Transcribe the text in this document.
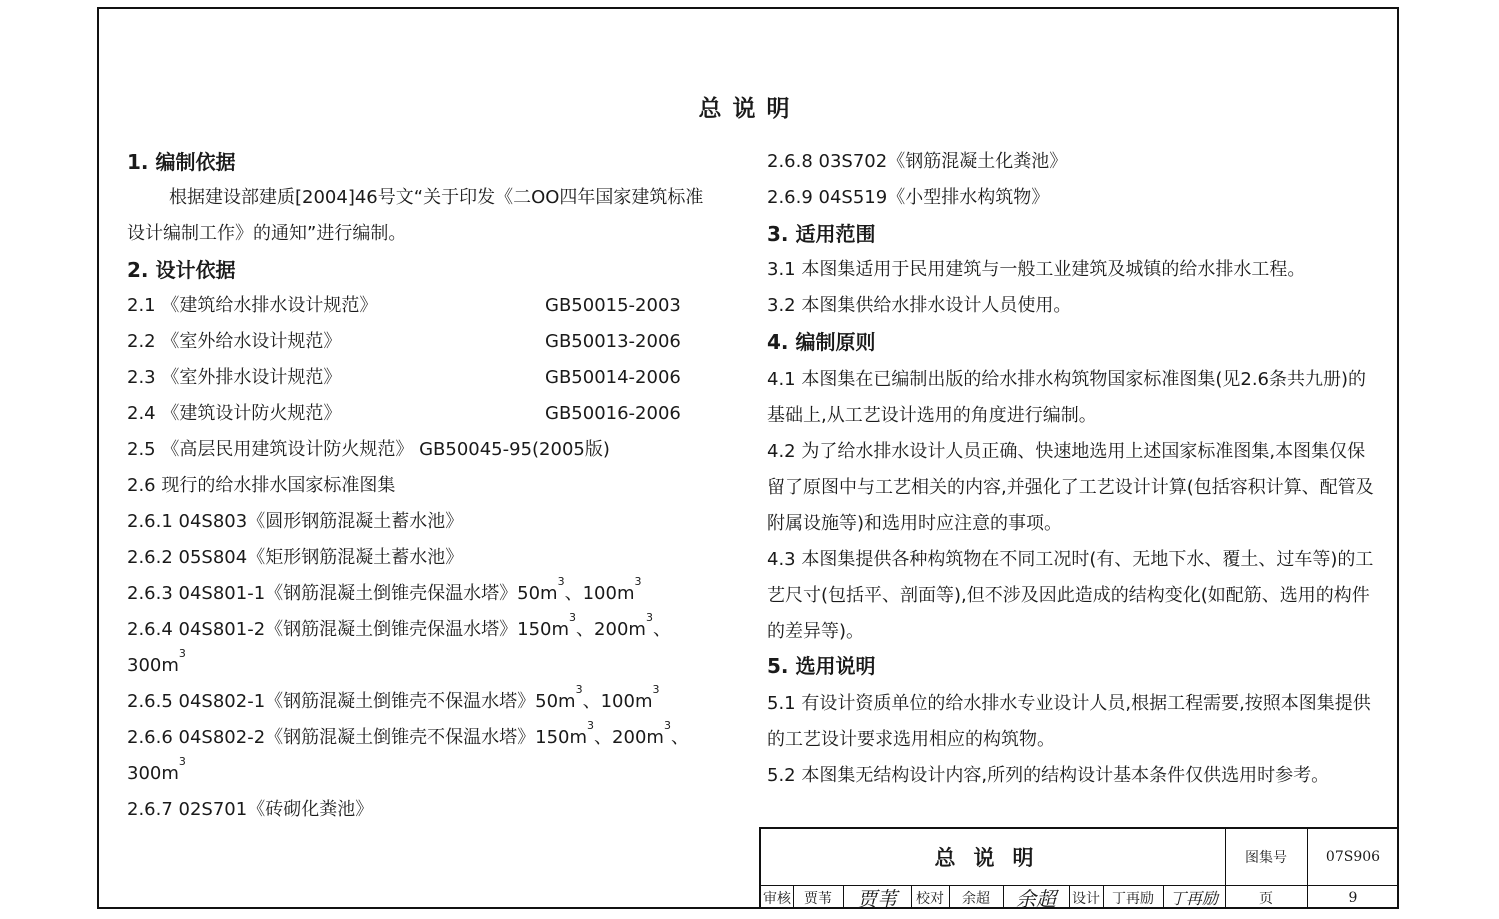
总说明
1. 编制依据
根据建设部建质[2004]46号文“关于印发《二OO四年国家建筑标准
设计编制工作》的通知”进行编制。
2. 设计依据
2.1 《建筑给水排水设计规范》	GB50015-2003
2.2 《室外给水设计规范》	GB50013-2006
2.3 《室外排水设计规范》	GB50014-2006
2.4 《建筑设计防火规范》	GB50016-2006
2.5 《高层民用建筑设计防火规范》 GB50045-95(2005版)
2.6 现行的给水排水国家标准图集
2.6.1 04S803《圆形钢筋混凝土蓄水池》
2.6.2 05S804《矩形钢筋混凝土蓄水池》
2.6.3 04S801-1《钢筋混凝土倒锥壳保温水塔》$50m^3$、$100m^3$
2.6.4 04S801-2《钢筋混凝土倒锥壳保温水塔》$150m^3$、$200m^3$、
$300m^3$
2.6.5 04S802-1《钢筋混凝土倒锥壳不保温水塔》$50m^3$、$100m^3$
2.6.6 04S802-2《钢筋混凝土倒锥壳不保温水塔》$150m^3$、$200m^3$、
$300m^3$
2.6.7 02S701《砖砌化粪池》
2.6.8 03S702《钢筋混凝土化粪池》
2.6.9 04S519《小型排水构筑物》
3. 适用范围
3.1 本图集适用于民用建筑与一般工业建筑及城镇的给水排水工程。
3.2 本图集供给水排水设计人员使用。
4. 编制原则
4.1 本图集在已编制出版的给水排水构筑物国家标准图集(见2.6条共九册)的基础上,从工艺设计选用的角度进行编制。
4.2 为了给水排水设计人员正确、快速地选用上述国家标准图集,本图集仅保留了原图中与工艺相关的内容,并强化了工艺设计计算(包括容积计算、配管及附属设施等)和选用时应注意的事项。
4.3 本图集提供各种构筑物在不同工况时(有、无地下水、覆土、过车等)的工艺尺寸(包括平、剖面等),但不涉及因此造成的结构变化(如配筋、选用的构件的差异等)。
5. 选用说明
5.1 有设计资质单位的给水排水专业设计人员,根据工程需要,按照本图集提供的工艺设计要求选用相应的构筑物。
5.2 本图集无结构设计内容,所列的结构设计基本条件仅供选用时参考。
总说明	图集号	07S906
审核 贾苇	贾苇	校对	余超	余超	设计 丁再励 丁再励	页	9
